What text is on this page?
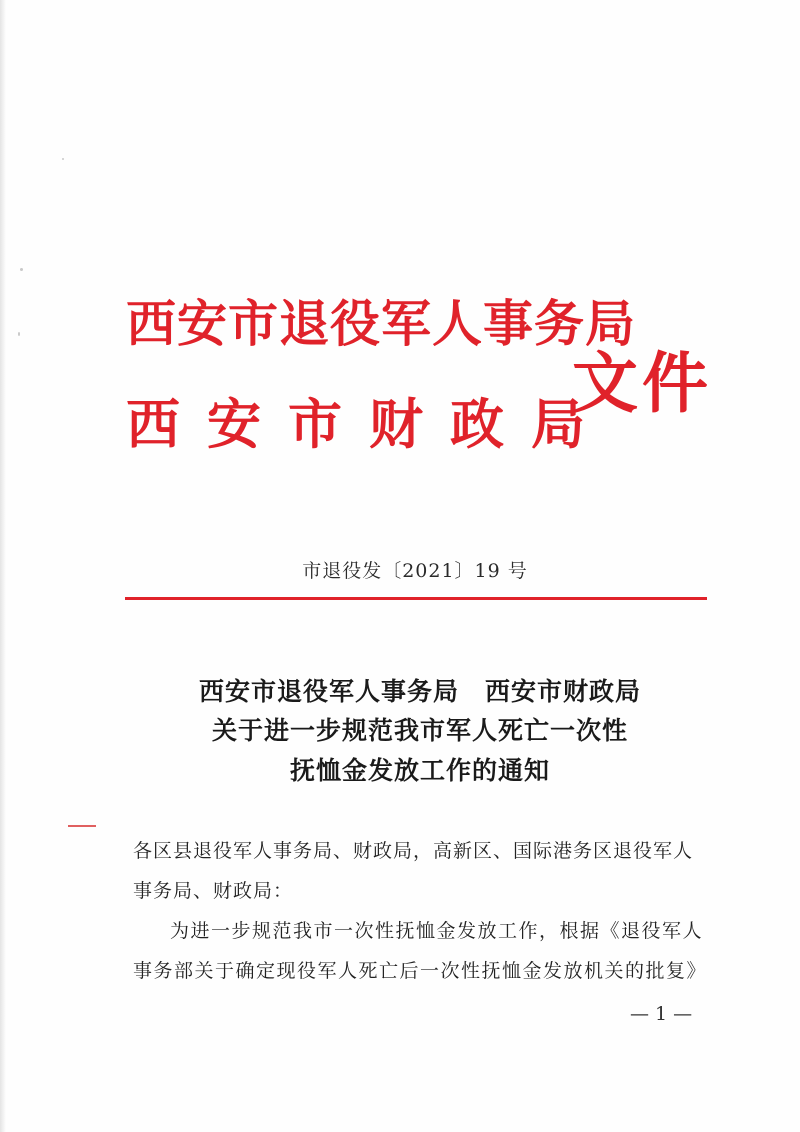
西安市退役军人事务局
西安市财政局
文件
市退役发〔2021〕19 号
西安市退役军人事务局　西安市财政局
关于进一步规范我市军人死亡一次性
抚恤金发放工作的通知
各区县退役军人事务局、财政局，高新区、国际港务区退役军人
事务局、财政局：
为进一步规范我市一次性抚恤金发放工作，根据《退役军人
事务部关于确定现役军人死亡后一次性抚恤金发放机关的批复》
— 1 —
